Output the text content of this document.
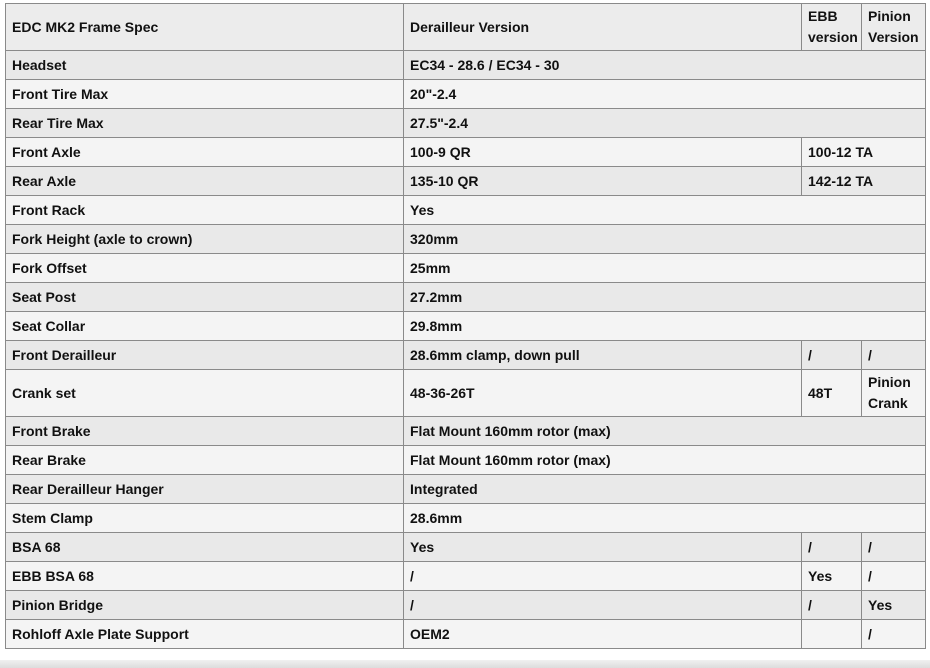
EDC MK2 Frame Spec	Derailleur Version	EBB version	Pinion Version
Headset	EC34 - 28.6 / EC34 - 30		
Front Tire Max	20"-2.4		
Rear Tire Max	27.5"-2.4		
Front Axle	100-9 QR	100-12 TA	
Rear Axle	135-10 QR	142-12 TA	
Front Rack	Yes		
Fork Height (axle to crown)	320mm		
Fork Offset	25mm		
Seat Post	27.2mm		
Seat Collar	29.8mm		
Front Derailleur	28.6mm clamp, down pull	/	/
Crank set	48-36-26T	48T	Pinion Crank
Front Brake	Flat Mount 160mm rotor (max)		
Rear Brake	Flat Mount 160mm rotor (max)		
Rear Derailleur Hanger	Integrated		
Stem Clamp	28.6mm		
BSA 68	Yes	/	/
EBB BSA 68	/	Yes	/
Pinion Bridge	/	/	Yes
Rohloff Axle Plate Support	OEM2		/
